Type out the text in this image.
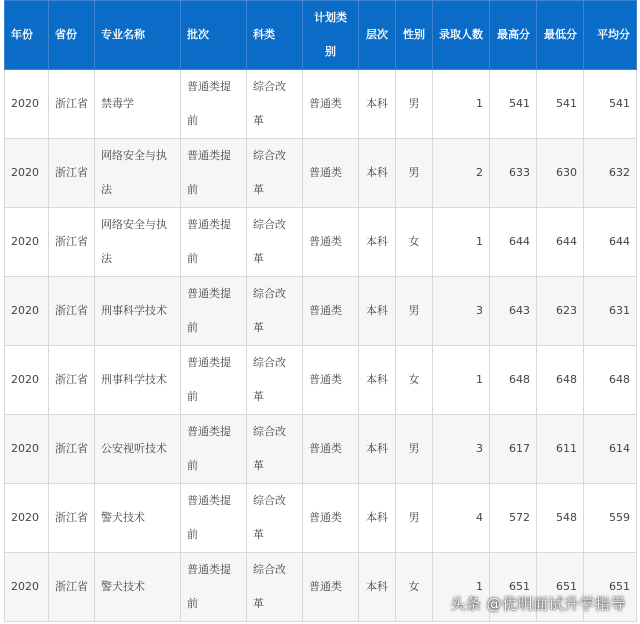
年份	省份	专业名称	批次	科类	计划类别	层次	性别	录取人数	最高分	最低分	平均分
2020	浙江省	禁毒学	普通类提前	综合改革	普通类	本科	男	1	541	541	541
2020	浙江省	网络安全与执法	普通类提前	综合改革	普通类	本科	男	2	633	630	632
2020	浙江省	网络安全与执法	普通类提前	综合改革	普通类	本科	女	1	644	644	644
2020	浙江省	刑事科学技术	普通类提前	综合改革	普通类	本科	男	3	643	623	631
2020	浙江省	刑事科学技术	普通类提前	综合改革	普通类	本科	女	1	648	648	648
2020	浙江省	公安视听技术	普通类提前	综合改革	普通类	本科	男	3	617	611	614
2020	浙江省	警犬技术	普通类提前	综合改革	普通类	本科	男	4	572	548	559
2020	浙江省	警犬技术	普通类提前	综合改革	普通类	本科	女	1	651	651	651
头条 @优明面试升学指导
